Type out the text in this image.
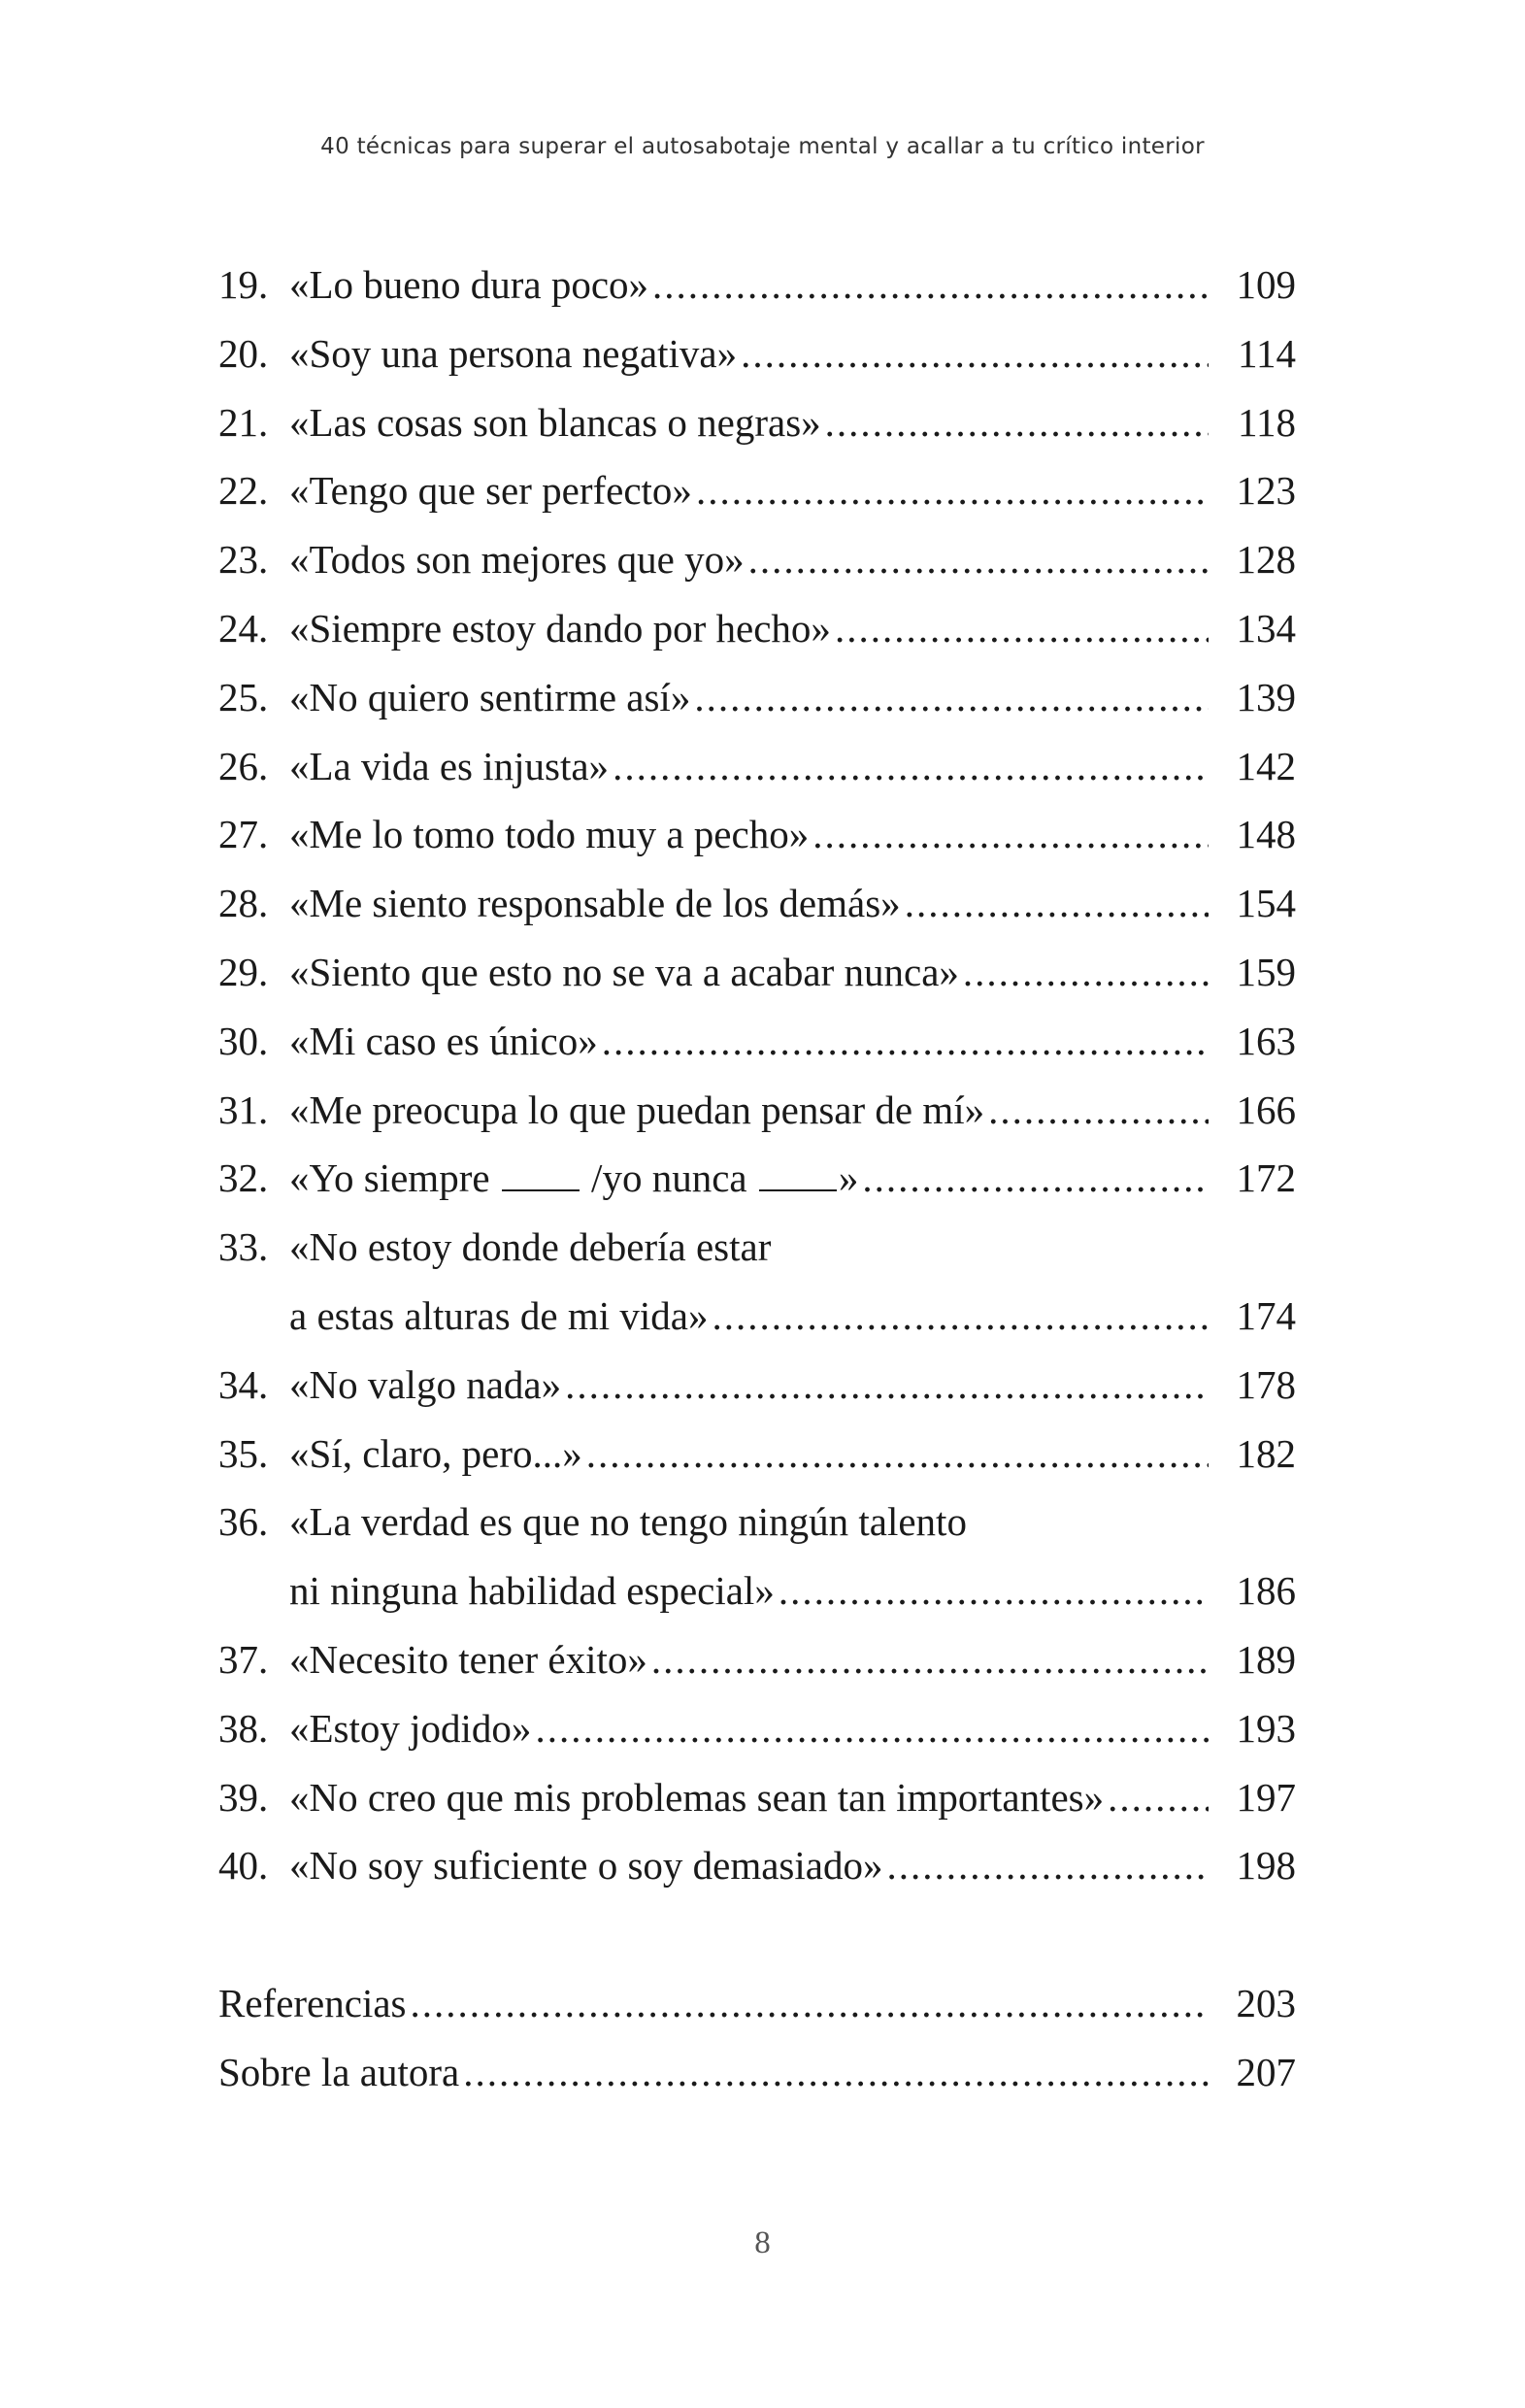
40 técnicas para superar el autosabotaje mental y acallar a tu crítico interior
19. «Lo bueno dura poco» .....	109
20. «Soy una persona negativa» .....	114
21. «Las cosas son blancas o negras» .....	118
22. «Tengo que ser perfecto» .....	123
23. «Todos son mejores que yo» .....	128
24. «Siempre estoy dando por hecho» .....	134
25. «No quiero sentirme así» .....	139
26. «La vida es injusta» .....	142
27. «Me lo tomo todo muy a pecho» .....	148
28. «Me siento responsable de los demás» .....	154
29. «Siento que esto no se va a acabar nunca» .....	159
30. «Mi caso es único» .....	163
31. «Me preocupa lo que puedan pensar de mí» .....	166
32. «Yo siempre	/yo nunca » .....	172
33. «No estoy donde debería estar
a estas alturas de mi vida» .....	174
34. «No valgo nada» .....	178
35. «Sí, claro, pero...» .....	182
36. «La verdad es que no tengo ningún talento
ni ninguna habilidad especial» .....	186
37. «Necesito tener éxito» .....	189
38. «Estoy jodido» .....	193
39. «No creo que mis problemas sean tan importantes» .....	197
40. «No soy suficiente o soy demasiado» .....	198
Referencias .....	203
Sobre la autora .....	207
8
